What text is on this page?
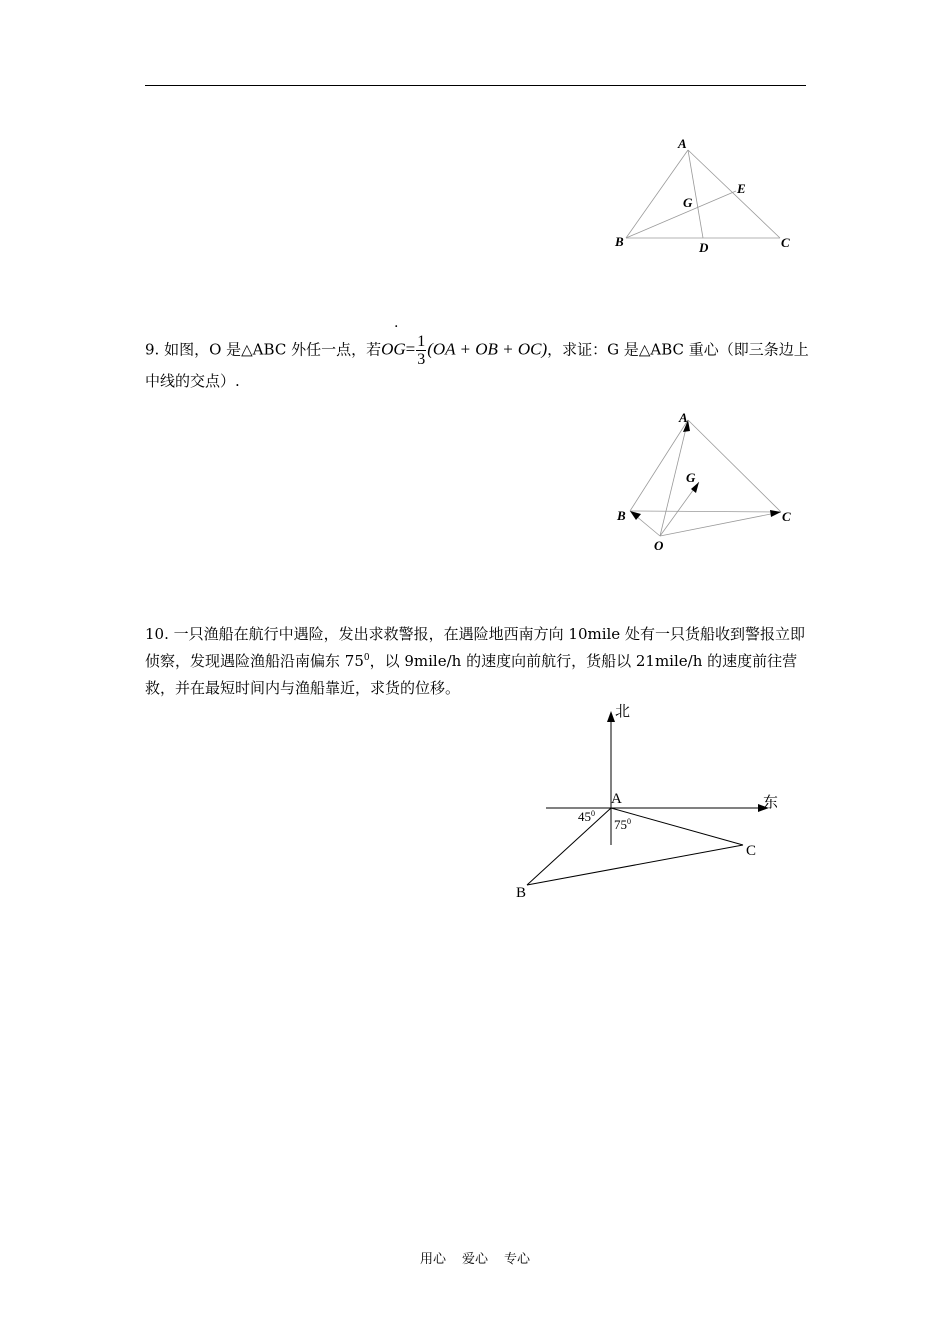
A
B	C
D
E
G
.
9. 如图，O 是△ABC 外任一点，若$OG= \frac{1}{3} (OA$ + OB + OC)，求证：G 是△ABC 重心（即三条边上中线的交点）.
A
B	C
G
O
10. 一只渔船在航行中遇险，发出求救警报，在遇险地西南方向 10mile 处有一只货船收到警报立即侦察，发现遇险渔船沿南偏东 $75^0$，以 9mile/h 的速度向前航行，货船以 21mile/h 的速度前往营救，并在最短时间内与渔船靠近，求货的位移。
北
东
A
B
C
$45^0$
$75^0$
用心 爱心 专心
